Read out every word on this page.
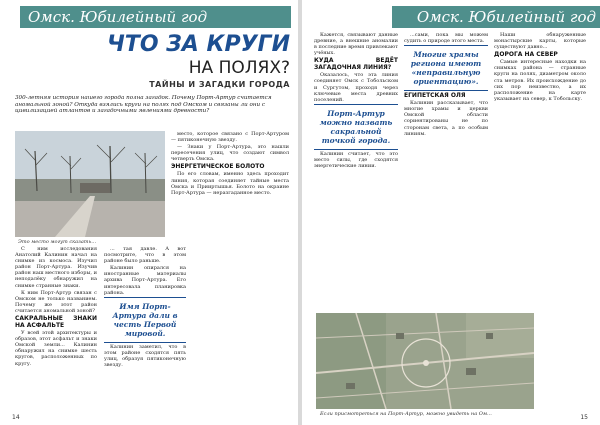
Омск. Юбилейный год
ЧТО ЗА КРУГИ
НА ПОЛЯХ?
ТАЙНЫ И ЗАГАДКИ ГОРОДА
300-летняя история нашего города полна загадок. Почему Порт-Артур считается аномальной зоной? Откуда взялись круги на полях под Омском и связаны ли они с цивилизацией атлантов и загадочными явлениями древности?
Это место могут сказать...

С ним исследования Анатолий Калинин начал на снимке из космоса. Изучил район Порт-Артура. Изучив район наш местного изборы, и неподалёку обнаружил на снимке странные знаки.

К ним Порт-Артур связан с Омском не только названием. Почему же этот район считается аномальной зоной?

САКРАЛЬНЫЕ ЗНАКИ НА АСФАЛЬТЕ

У всей этой архитектуры и образов, этот асфальт и знаки Омской земли... Калинин обнаружил на снимке шесть кругов, расположенных по кругу.

... тая давле. А вот посмотрите, что в этом районе было раньше.

Калинин опирался на иностранные материалы архива Порт-Артура. Его интересовала планировка района.

Имя Порт-Артура дали в честь Первой мировой.

Калинин заметил, что в этом районе сходятся пять улиц, образуя пятиконечную звезду.

место, которое связано с Порт-Артуром — пятиконечную звезду.

— Знаки у Порт-Артура, это нашли пересечения улиц, что создают символ четверть Омска.

ЭНЕРГЕТИЧЕСКОЕ БОЛОТО

По его словам, именно здесь проходит линия, которая соединяет тайные места Омска и Прииртышья. Болото на окраине Порт-Артура — неразгаданное место.

14
Омск. Юбилейный год

Кажется, связывают данные древние, а внешние аномалии в последние время привлекают учёных.

КУДА ВЕДЁТ ЗАГАДОЧНАЯ ЛИНИЯ?

Оказалось, что эта линия соединяет Омск с Тобольском и Сургутом, проходя через ключевые места древних поселений.

Порт-Артур можно назвать сакральной точкой города.

Калинин считает, что это место силы, где сходятся энергетические линии.

...сами, пока мы можем судить о природе этого места.

Многие храмы региона имеют «неправильную ориентацию».

ЕГИПЕТСКАЯ ОЛЯ

Калинин рассказывает, что многие храмы и церкви Омской области сориентированы не по сторонам света, а по особым линиям.

Наши обнаруженные монастырские карты, которые существуют давно...

ДОРОГА НА СЕВЕР

Самые интересные находки на снимках района — странные круги на полях, диаметром около ста метров. Их происхождение до сих пор неизвестно, а их расположение на карте указывает на север, к Тобольску.

Если присмотреться на Порт-Артур, можно увидеть на Ом...	15
